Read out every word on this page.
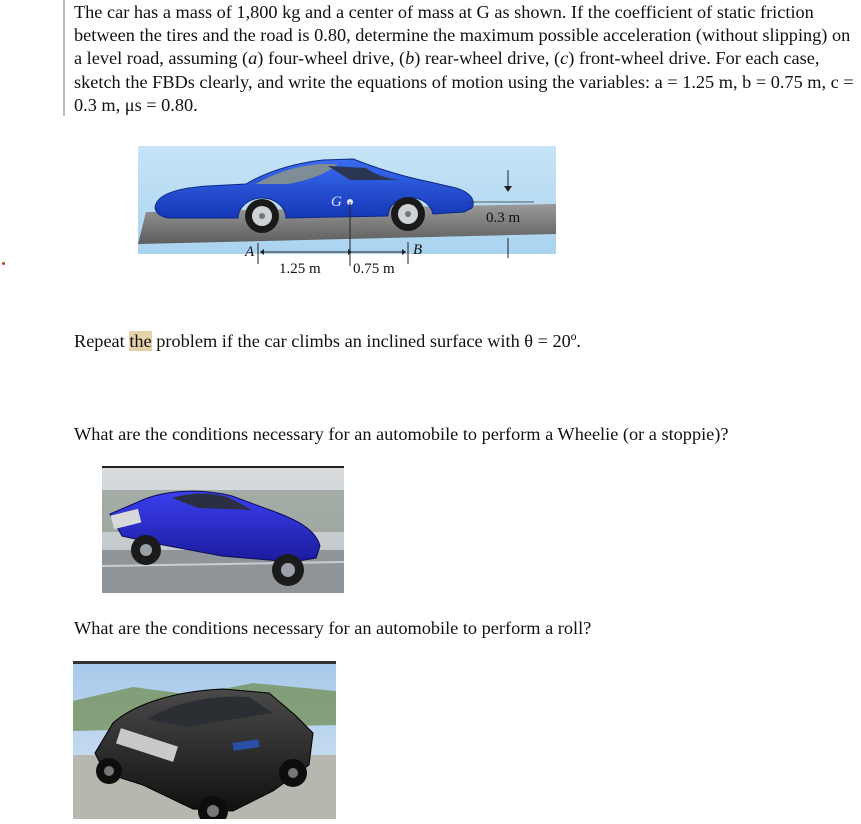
The car has a mass of 1,800 kg and a center of mass at G as shown. If the coefficient of static friction between the tires and the road is 0.80, determine the maximum possible acceleration (without slipping) on a level road, assuming (a) four-wheel drive, (b) rear-wheel drive, (c) front-wheel drive. For each case, sketch the FBDs clearly, and write the equations of motion using the variables: a = 1.25 m, b = 0.75 m, c = 0.3 m, μs = 0.80.
G
0.3 m
A	B
1.25 m 0.75 m
Repeat the problem if the car climbs an inclined surface with θ = 20º.
What are the conditions necessary for an automobile to perform a Wheelie (or a stoppie)?
What are the conditions necessary for an automobile to perform a roll?
